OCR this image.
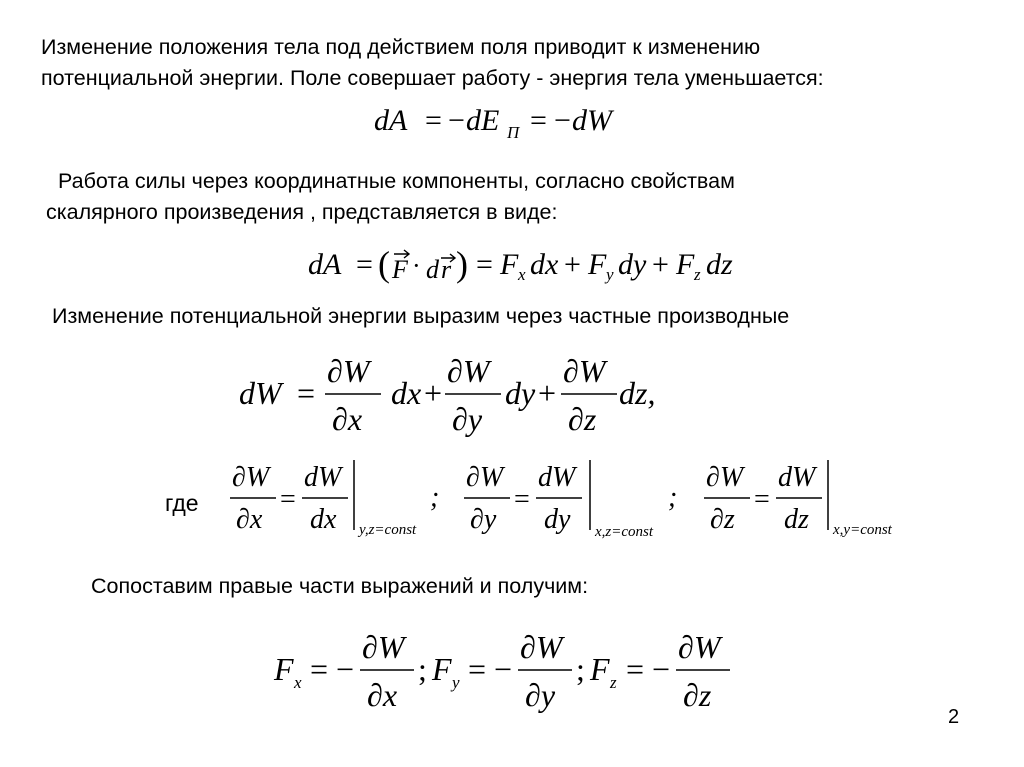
Изменение положения тела под действием поля приводит к изменению
потенциальной энергии. Поле совершает работу - энергия тела уменьшается:
dA = − dE П = − dW
Работа силы через координатные компоненты, согласно свойствам
скалярного произведения , представляется в виде:
dA = ( F · d r ) = F x dx + F y dy + F z dz
Изменение потенциальной энергии выразим через частные производные
dW =
∂W
∂x
dx +
∂W
∂y
dy +
∂W
∂z
dz,
где
∂W
∂x
=
dW
dx y,z=const
;
∂W
∂y
=
dW
dy x,z=const
;
∂W
∂z
=
dW
dz x,y=const
Сопоставим правые части выражений и получим:
F x = −
∂W
∂x
; F y = −
∂W
∂y
; F z = −
∂W
∂z
2
